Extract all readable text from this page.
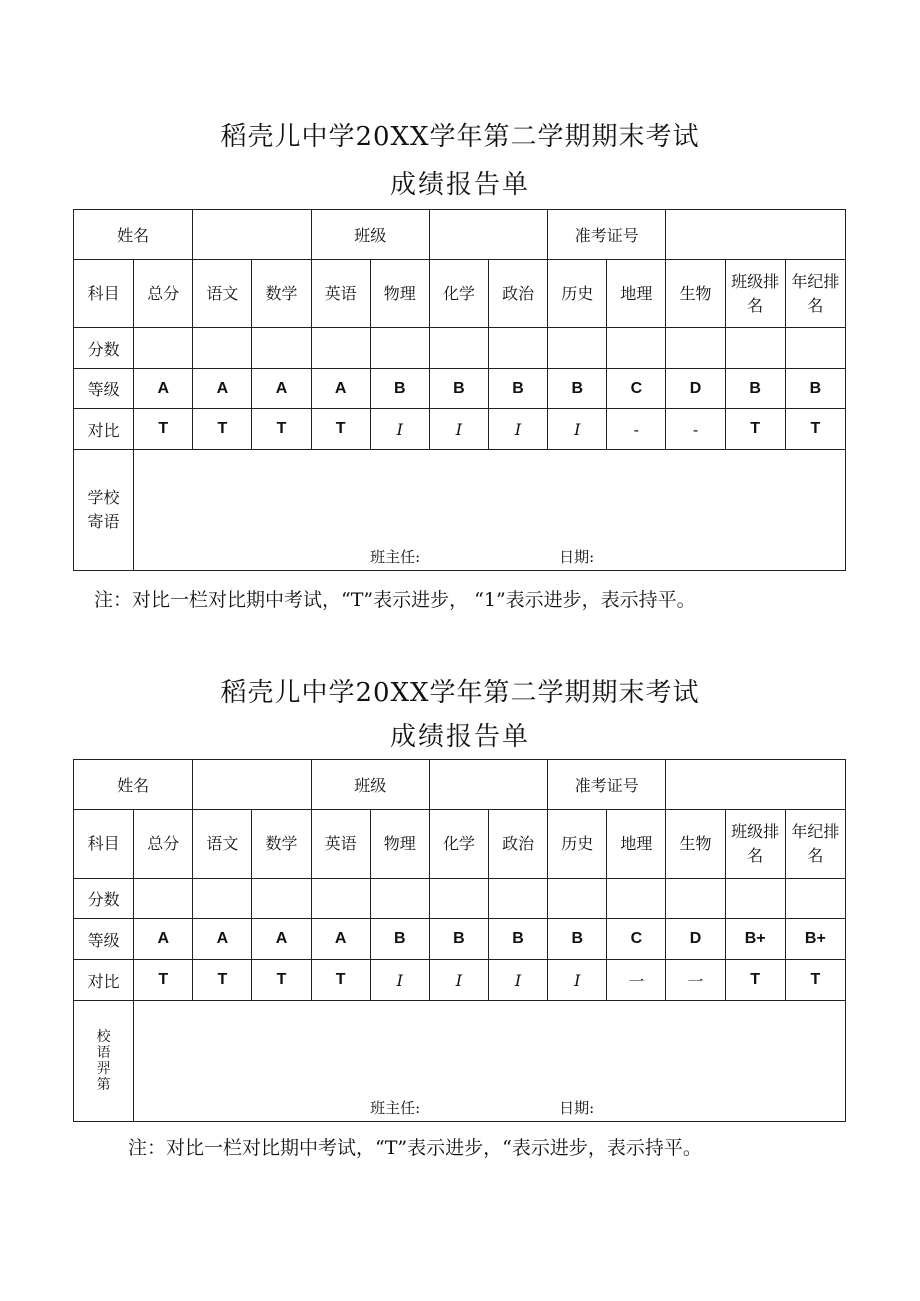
稻壳儿中学20XX学年第二学期期末考试
成绩报告单
姓名				班级				准考证号				
科目	总分	语文	数学	英语	物理	化学	政治	历史	地理	生物	班级排名	年纪排名
分数												
等级	A	A	A	A	B	B	B	B	C	D	B	B
对比	T	T	T	T	I	I	I	I	-	-	T	T
学校寄语	班主任: 日期:											
注：对比一栏对比期中考试，“T”表示进步， “1”表示进步，表示持平。
稻壳儿中学20XX学年第二学期期末考试
成绩报告单
姓名				班级				准考证号				
科目	总分	语文	数学	英语	物理	化学	政治	历史	地理	生物	班级排名	年纪排名
分数												
等级	A	A	A	A	B	B	B	B	C	D	B+	B+
对比	T	T	T	T	I	I	I	I	一	一	T	T
校语羿第	班主任: 日期:											
注：对比一栏对比期中考试，“T”表示进步，“表示进步，表示持平。
